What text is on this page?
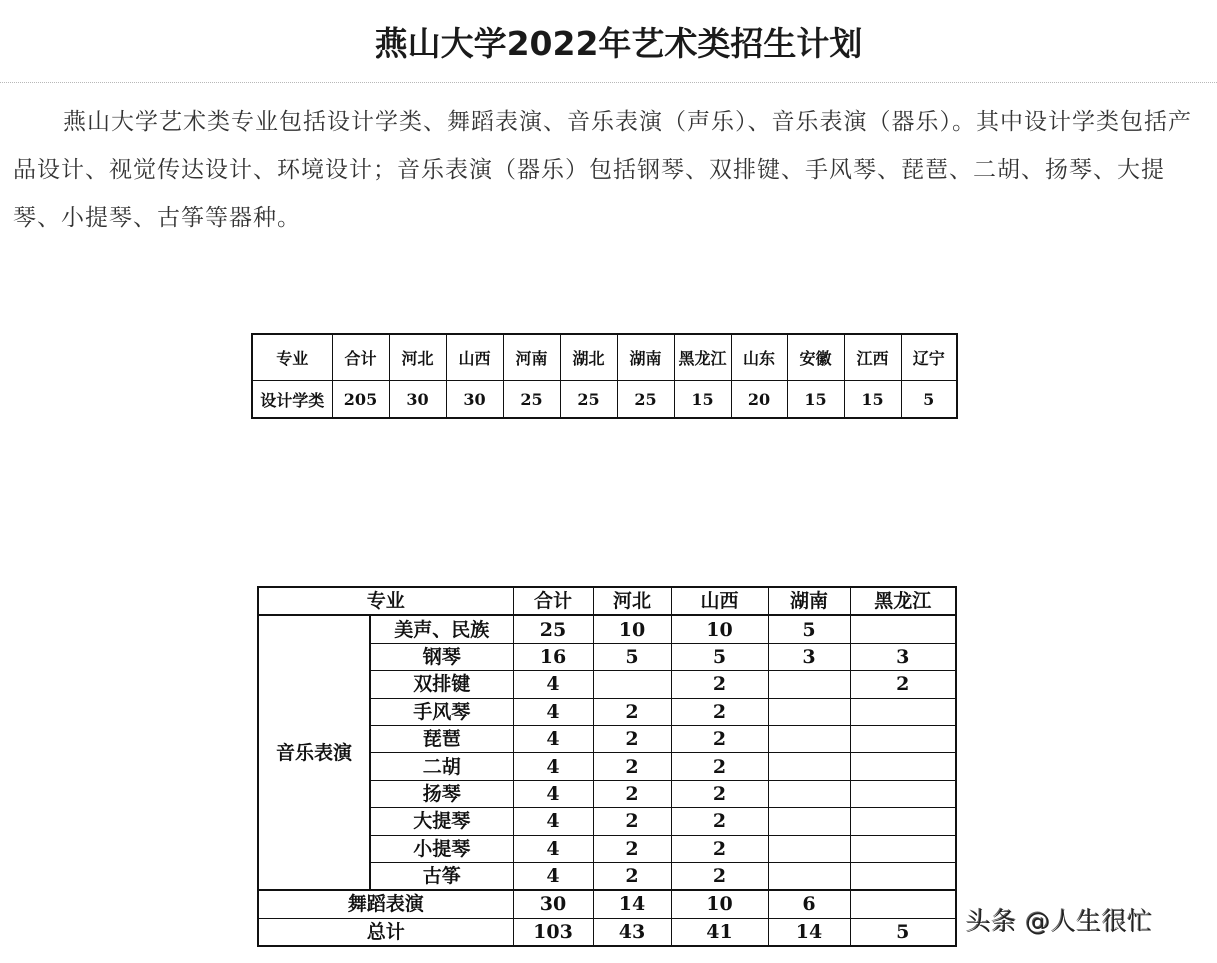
燕山大学2022年艺术类招生计划
燕山大学艺术类专业包括设计学类、舞蹈表演、音乐表演（声乐）、音乐表演（器乐）。其中设计学类包括产品设计、视觉传达设计、环境设计；音乐表演（器乐）包括钢琴、双排键、手风琴、琵琶、二胡、扬琴、大提琴、小提琴、古筝等器种。
专业	合计	河北	山西	河南	湖北	湖南	黑龙江	山东	安徽	江西	辽宁
设计学类	205	30	30	25	25	25	15	20	15	15	5
专业		合计	河北	山西	湖南	黑龙江
音乐表演	美声、民族	25	10	10	5	
	钢琴	16	5	5	3	3
	双排键	4		2		2
	手风琴	4	2	2		
	琵琶	4	2	2		
	二胡	4	2	2		
	扬琴	4	2	2		
	大提琴	4	2	2		
	小提琴	4	2	2		
	古筝	4	2	2		
舞蹈表演		30	14	10	6	
总计		103	43	41	14	5 头条 @人生很忙
